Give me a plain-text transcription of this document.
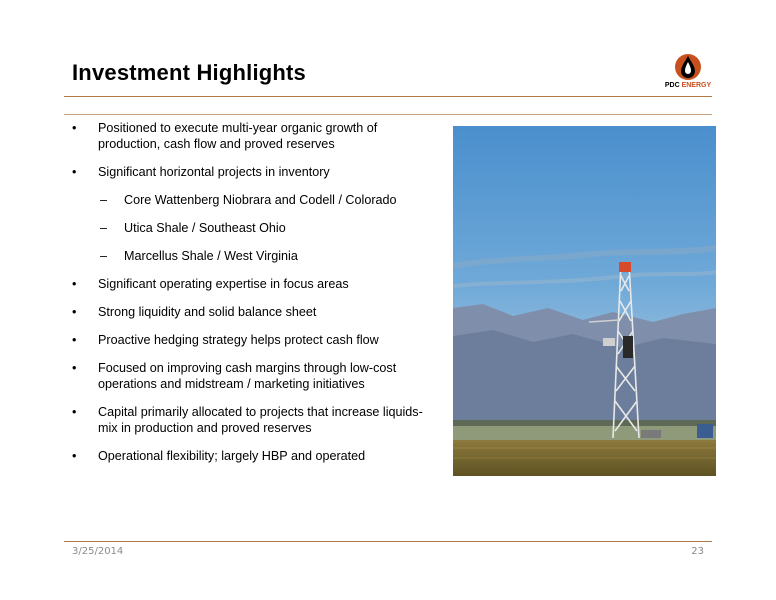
Investment Highlights
PDC ENERGY
•	Positioned to execute multi-year organic growth of production, cash flow and proved reserves
•	Significant horizontal projects in inventory
–	Core Wattenberg Niobrara and Codell / Colorado
–	Utica Shale / Southeast Ohio
–	Marcellus Shale / West Virginia
•	Significant operating expertise in focus areas
•	Strong liquidity and solid balance sheet
•	Proactive hedging strategy helps protect cash flow
•	Focused on improving cash margins through low-cost operations and midstream / marketing initiatives
•	Capital primarily allocated to projects that increase liquids-mix in production and proved reserves
•	Operational flexibility; largely HBP and operated
3/25/2014	23
